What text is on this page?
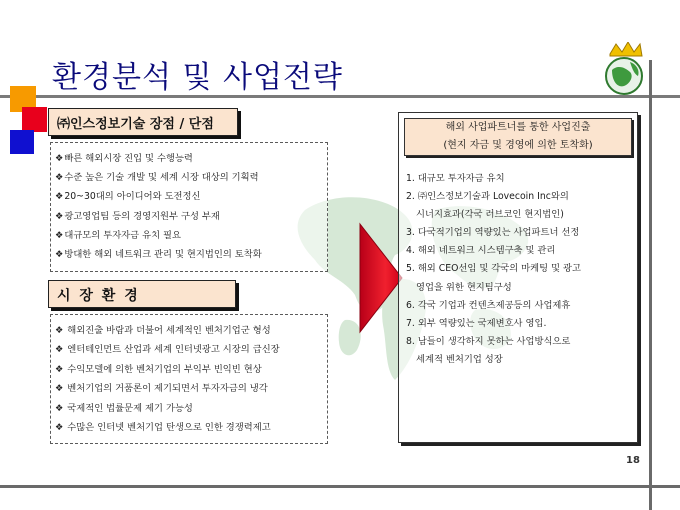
환경분석 및 사업전략
㈜인스정보기술 장점 / 단점
❖빠른 해외시장 진입 및 수행능력
❖수준 높은 기술 개발 및 세계 시장 대상의 기획력
❖20~30대의 아이디어와 도전정신
❖광고영업팀 등의 경영지원부 구성 부재
❖대규모의 투자자금 유치 필요
❖방대한 해외 네트워크 관리 및 현지법인의 토착화
시 장 환 경
❖ 해외진출 바람과 더불어 세계적인 벤처기업군 형성
❖ 엔터테인먼트 산업과 세계 인터넷광고 시장의 급신장
❖ 수익모델에 의한 벤처기업의 부익부 빈익빈 현상
❖ 벤처기업의 거품론이 제기되면서 투자자금의 냉각
❖ 국제적인 법률문제 제기 가능성
❖ 수많은 인터넷 벤처기업 탄생으로 인한 경쟁력제고
해외 사업파트너를 통한 사업진출
(현지 자금 및 경영에 의한 토착화)
1. 대규모 투자자금 유치
2. ㈜인스정보기술과 Lovecoin Inc와의
시너지효과(각국 러브코인 현지법인)
3. 다국적기업의 역량있는 사업파트너 선정
4. 해외 네트워크 시스템구축 및 관리
5. 해외 CEO선임 및 각국의 마케팅 및 광고
영업을 위한 현지팀구성
6. 각국 기업과 컨텐츠제공등의 사업제휴
7. 외부 역량있는 국제변호사 영입.
8. 남들이 생각하지 못하는 사업방식으로
세계적 벤처기업 성장
18
